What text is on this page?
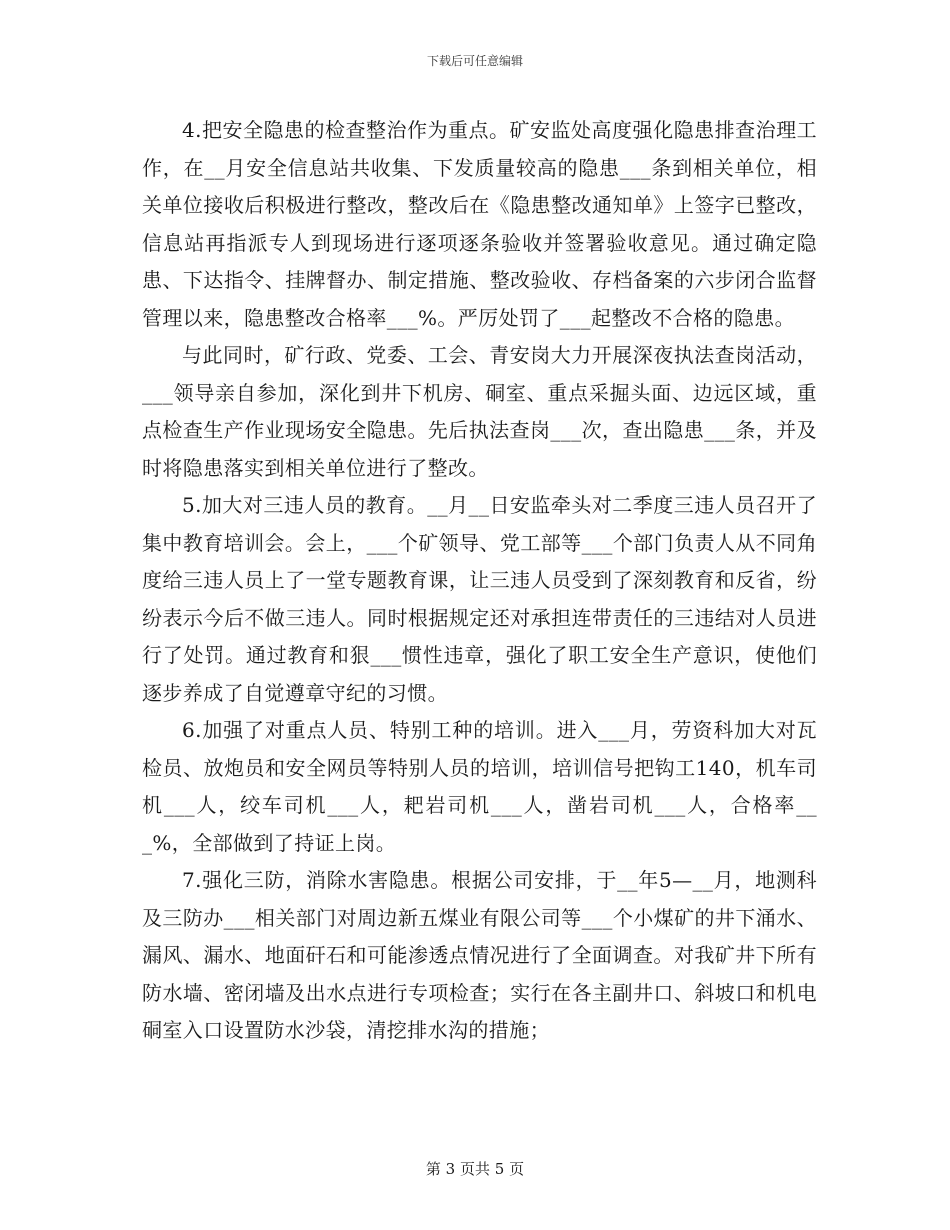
下载后可任意编辑

4.把安全隐患的检查整治作为重点。矿安监处高度强化隐患排查治理工作，在__月安全信息站共收集、下发质量较高的隐患___条到相关单位，相关单位接收后积极进行整改，整改后在《隐患整改通知单》上签字已整改，信息站再指派专人到现场进行逐项逐条验收并签署验收意见。通过确定隐患、下达指令、挂牌督办、制定措施、整改验收、存档备案的六步闭合监督管理以来，隐患整改合格率___%。严厉处罚了___起整改不合格的隐患。

与此同时，矿行政、党委、工会、青安岗大力开展深夜执法查岗活动，___领导亲自参加，深化到井下机房、硐室、重点采掘头面、边远区域，重点检查生产作业现场安全隐患。先后执法查岗___次，查出隐患___条，并及时将隐患落实到相关单位进行了整改。

5.加大对三违人员的教育。__月__日安监牵头对二季度三违人员召开了集中教育培训会。会上，___个矿领导、党工部等___个部门负责人从不同角度给三违人员上了一堂专题教育课，让三违人员受到了深刻教育和反省，纷纷表示今后不做三违人。同时根据规定还对承担连带责任的三违结对人员进行了处罚。通过教育和狠___惯性违章，强化了职工安全生产意识，使他们逐步养成了自觉遵章守纪的习惯。

6.加强了对重点人员、特别工种的培训。进入___月，劳资科加大对瓦检员、放炮员和安全网员等特别人员的培训，培训信号把钩工140，机车司机___人，绞车司机___人，耙岩司机___人，凿岩司机___人，合格率___%，全部做到了持证上岗。

7.强化三防，消除水害隐患。根据公司安排，于__年5—__月，地测科及三防办___相关部门对周边新五煤业有限公司等___个小煤矿的井下涌水、漏风、漏水、地面矸石和可能渗透点情况进行了全面调查。对我矿井下所有防水墙、密闭墙及出水点进行专项检查；实行在各主副井口、斜坡口和机电硐室入口设置防水沙袋，清挖排水沟的措施；

第 3 页共 5 页
